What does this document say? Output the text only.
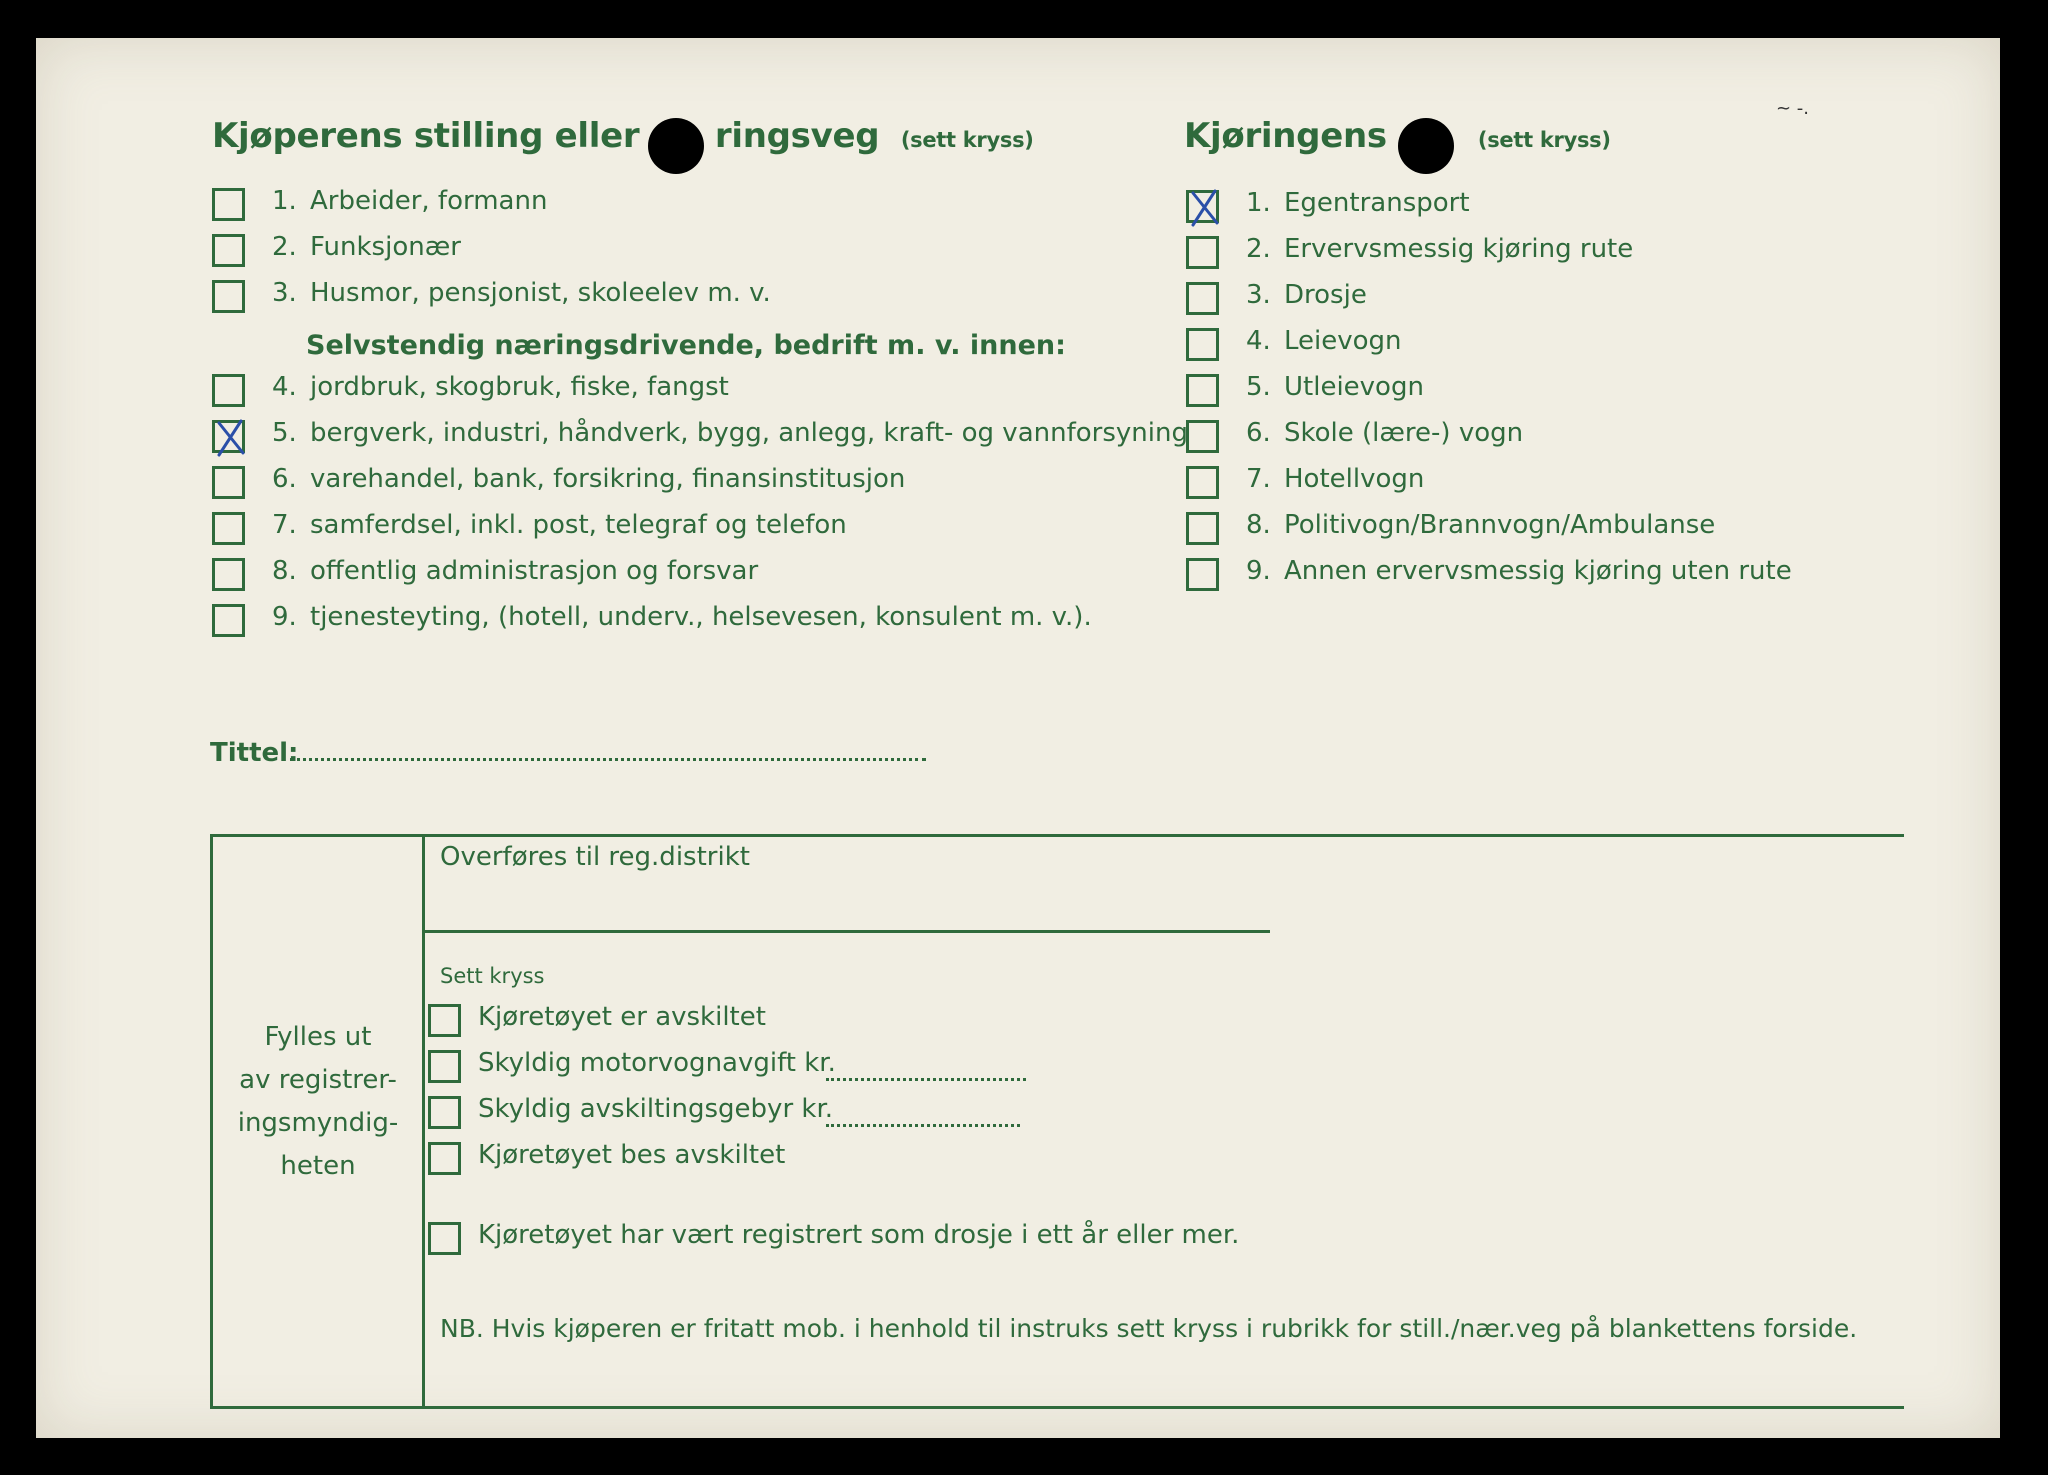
Kjøperens stilling eller ringsveg (sett kryss)	Kjøringens	(sett kryss)
1. Arbeider, formann
2. Funksjonær
3. Husmor, pensjonist, skoleelev m. v.
4. jordbruk, skogbruk, fiske, fangst
5. bergverk, industri, håndverk, bygg, anlegg, kraft- og vannforsyning
6. varehandel, bank, forsikring, finansinstitusjon
7. samferdsel, inkl. post, telegraf og telefon
8. offentlig administrasjon og forsvar
9. tjenesteyting, (hotell, underv., helsevesen, konsulent m. v.).
Selvstendig næringsdrivende, bedrift m. v. innen:
1. Egentransport
2. Ervervsmessig kjøring rute
3. Drosje
4. Leievogn
5. Utleievogn
6. Skole (lære-) vogn
7. Hotellvogn
8. Politivogn/Brannvogn/Ambulanse
9. Annen ervervsmessig kjøring uten rute
Tittel:
Fylles ut
av registrer-
ingsmyndig-
heten
Overføres til reg.distrikt
Sett kryss
Kjøretøyet er avskiltet
Skyldig motorvognavgift kr.
Skyldig avskiltingsgebyr kr.
Kjøretøyet bes avskiltet
Kjøretøyet har vært registrert som drosje i ett år eller mer.
NB. Hvis kjøperen er fritatt mob. i henhold til instruks sett kryss i rubrikk for still./nær.veg på blankettens forside.
~ -.
